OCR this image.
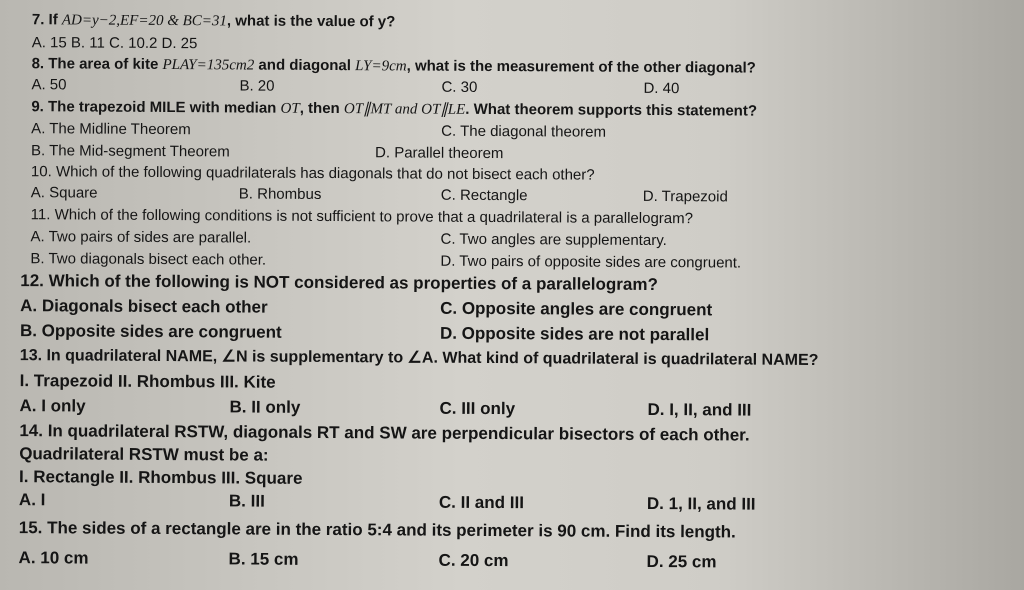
7. If AD=y−2,EF=20 & BC=31, what is the value of y?
A. 15 B. 11 C. 10.2 D. 25
8. The area of kite PLAY=135cm2 and diagonal LY=9cm, what is the measurement of the other diagonal?
A. 50	B. 20	C. 30	D. 40
9. The trapezoid MILE with median OT, then OT∥MT and OT∥LE. What theorem supports this statement?
A. The Midline Theorem	C. The diagonal theorem
B. The Mid-segment Theorem	D. Parallel theorem
10. Which of the following quadrilaterals has diagonals that do not bisect each other?
A. Square	B. Rhombus	C. Rectangle	D. Trapezoid
11. Which of the following conditions is not sufficient to prove that a quadrilateral is a parallelogram?
A. Two pairs of sides are parallel.	C. Two angles are supplementary.
B. Two diagonals bisect each other.	D. Two pairs of opposite sides are congruent.
12. Which of the following is NOT considered as properties of a parallelogram?
A. Diagonals bisect each other	C. Opposite angles are congruent
B. Opposite sides are congruent	D. Opposite sides are not parallel
13. In quadrilateral NAME, ∠N is supplementary to ∠A. What kind of quadrilateral is quadrilateral NAME?
I. Trapezoid II. Rhombus III. Kite
A. I only	B. II only	C. III only	D. I, II, and III
14. In quadrilateral RSTW, diagonals RT and SW are perpendicular bisectors of each other.
Quadrilateral RSTW must be a:
I. Rectangle II. Rhombus III. Square
A. I	B. III	C. II and III	D. 1, II, and III
15. The sides of a rectangle are in the ratio 5:4 and its perimeter is 90 cm. Find its length.
A. 10 cm	B. 15 cm	C. 20 cm	D. 25 cm
